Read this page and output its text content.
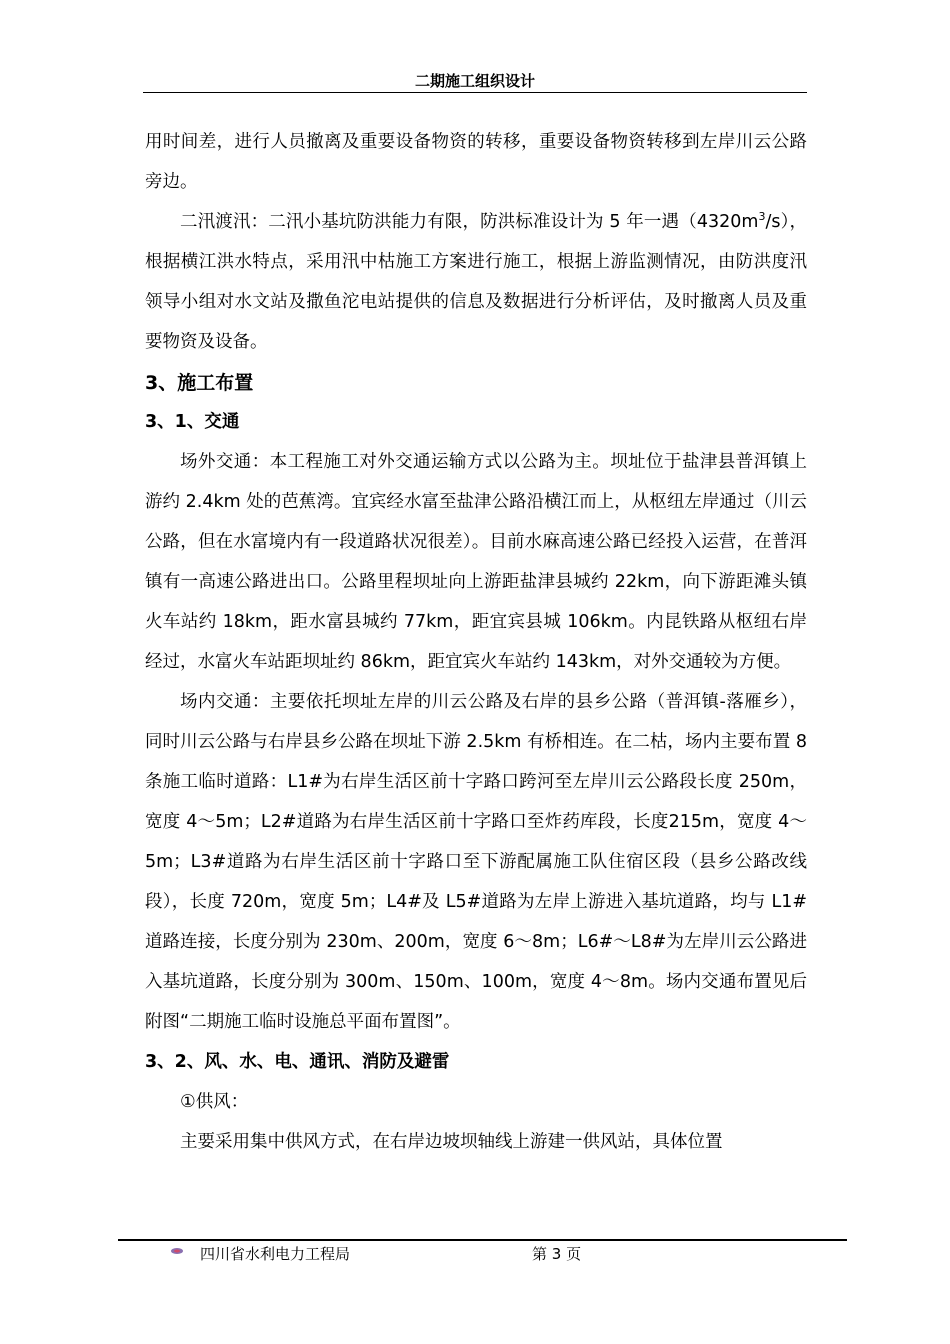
二期施工组织设计

用时间差，进行人员撤离及重要设备物资的转移，重要设备物资转移到左岸川云公路旁边。

二汛渡汛：二汛小基坑防洪能力有限，防洪标准设计为 5 年一遇$(4320m^3/s)$，根据横江洪水特点，采用汛中枯施工方案进行施工，根据上游监测情况，由防洪度汛领导小组对水文站及撒鱼沱电站提供的信息及数据进行分析评估，及时撤离人员及重要物资及设备。

3、施工布置
3、1、交通

场外交通：本工程施工对外交通运输方式以公路为主。坝址位于盐津县普洱镇上游约 2.4km 处的芭蕉湾。宜宾经水富至盐津公路沿横江而上，从枢纽左岸通过（川云公路，但在水富境内有一段道路状况很差）。目前水麻高速公路已经投入运营，在普洱镇有一高速公路进出口。公路里程坝址向上游距盐津县城约 22km，向下游距滩头镇火车站约 18km，距水富县城约 77km，距宜宾县城 106km。内昆铁路从枢纽右岸经过，水富火车站距坝址约 86km，距宜宾火车站约 143km，对外交通较为方便。

场内交通：主要依托坝址左岸的川云公路及右岸的县乡公路（普洱镇-落雁乡），同时川云公路与右岸县乡公路在坝址下游 2.5km 有桥相连。在二枯，场内主要布置 8 条施工临时道路：L1#为右岸生活区前十字路口跨河至左岸川云公路段长度 250m，宽度 4～5m；L2#道路为右岸生活区前十字路口至炸药库段，长度215m，宽度 4～5m；L3#道路为右岸生活区前十字路口至下游配属施工队住宿区段（县乡公路改线段），长度 720m，宽度 5m；L4#及 L5#道路为左岸上游进入基坑道路，均与 L1#道路连接，长度分别为 230m、200m，宽度 6～8m；L6#～L8#为左岸川云公路进入基坑道路，长度分别为 300m、150m、100m，宽度 4～8m。场内交通布置见后附图“二期施工临时设施总平面布置图”。

3、2、风、水、电、通讯、消防及避雷

①供风：

主要采用集中供风方式，在右岸边坡坝轴线上游建一供风站，具体位置

四川省水利电力工程局	第 3 页
